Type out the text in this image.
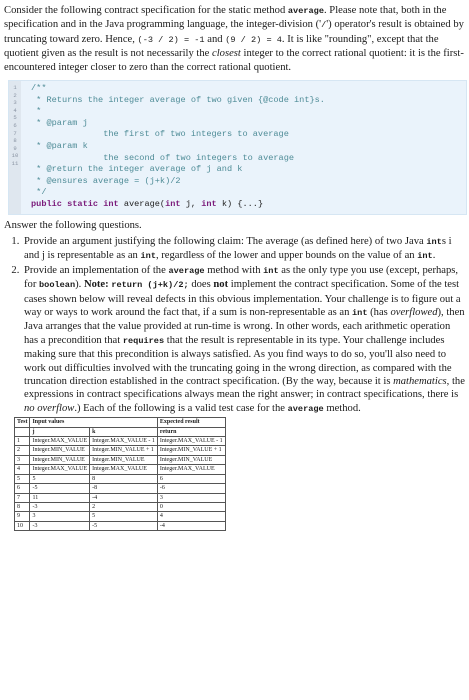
Consider the following contract specification for the static method average. Please note that, both in the specification and in the Java programming language, the integer-division ('/') operator's result is obtained by truncating toward zero. Hence, (-3 / 2) = -1 and (9 / 2) = 4. It is like "rounding", except that the quotient given as the result is not necessarily the closest integer to the correct rational quotient: it is the first-encountered integer closer to zero than the correct rational quotient.

1
2
3
4
5
6
7
8
9
10
11
/**
* Returns the integer average of two given {@code int}s.
*
* @param j
the first of two integers to average
* @param k
the second of two integers to average
* @return the integer average of j and k
* @ensures average = (j+k)/2
*/
public static int average(int j, int k) {...}

Answer the following questions.

1. Provide an argument justifying the following claim: The average (as defined here) of two Java ints i and j is representable as an int, regardless of the lower and upper bounds on the value of an int.
2. Provide an implementation of the average method with int as the only type you use (except, perhaps, for boolean). Note: return (j+k)/2; does not implement the contract specification. Some of the test cases shown below will reveal defects in this obvious implementation. Your challenge is to figure out a way or ways to work around the fact that, if a sum is non-representable as an int (has overflowed), then Java arranges that the value provided at run-time is wrong. In other words, each arithmetic operation has a precondition that requires that the result is representable in its type. Your challenge includes making sure that this precondition is always satisfied. As you find ways to do so, you'll also need to work out difficulties involved with the truncating going in the wrong direction, as compared with the truncation direction established in the contract specification. (By the way, because it is mathematics, the expressions in contract specifications always mean the right answer; in contract specifications, there is no overflow.) Each of the following is a valid test case for the average method.
Test	Input values		Expected result
	j	k	return
1	Integer.MAX_VALUE	Integer.MAX_VALUE - 1	Integer.MAX_VALUE - 1
2	Integer.MIN_VALUE	Integer.MIN_VALUE + 1	Integer.MIN_VALUE + 1
3	Integer.MIN_VALUE	Integer.MIN_VALUE	Integer.MIN_VALUE
4	Integer.MAX_VALUE	Integer.MAX_VALUE	Integer.MAX_VALUE
5	5	8	6
6	-5	-8	-6
7	11	-4	3
8	-3	2	0
9	3	5	4
10	-3	-5	-4
